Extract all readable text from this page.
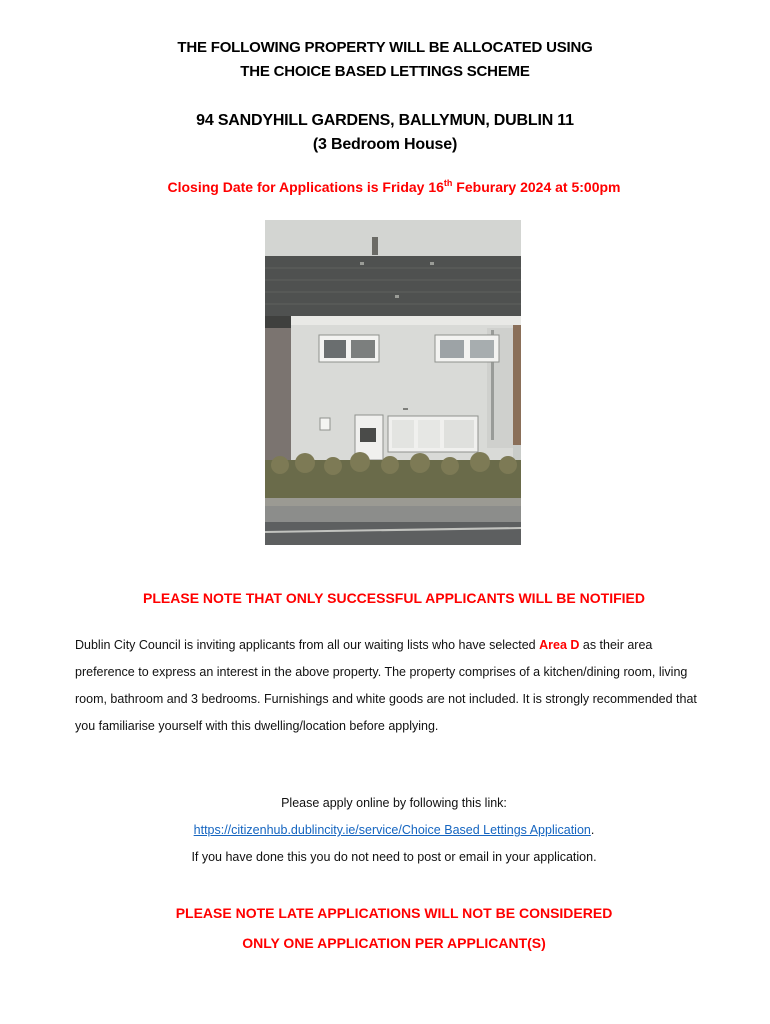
THE FOLLOWING PROPERTY WILL BE ALLOCATED USING
THE CHOICE BASED LETTINGS SCHEME
94 SANDYHILL GARDENS, BALLYMUN, DUBLIN 11
(3 Bedroom House)
Closing Date for Applications is Friday 16th Feburary 2024 at 5:00pm
PLEASE NOTE THAT ONLY SUCCESSFUL APPLICANTS WILL BE NOTIFIED
Dublin City Council is inviting applicants from all our waiting lists who have selected Area D as their area preference to express an interest in the above property. The property comprises of a kitchen/dining room, living room, bathroom and 3 bedrooms. Furnishings and white goods are not included. It is strongly recommended that you familiarise yourself with this dwelling/location before applying.
Please apply online by following this link:
https://citizenhub.dublincity.ie/service/Choice Based Lettings Application.
If you have done this you do not need to post or email in your application.
PLEASE NOTE LATE APPLICATIONS WILL NOT BE CONSIDERED
ONLY ONE APPLICATION PER APPLICANT(S)
